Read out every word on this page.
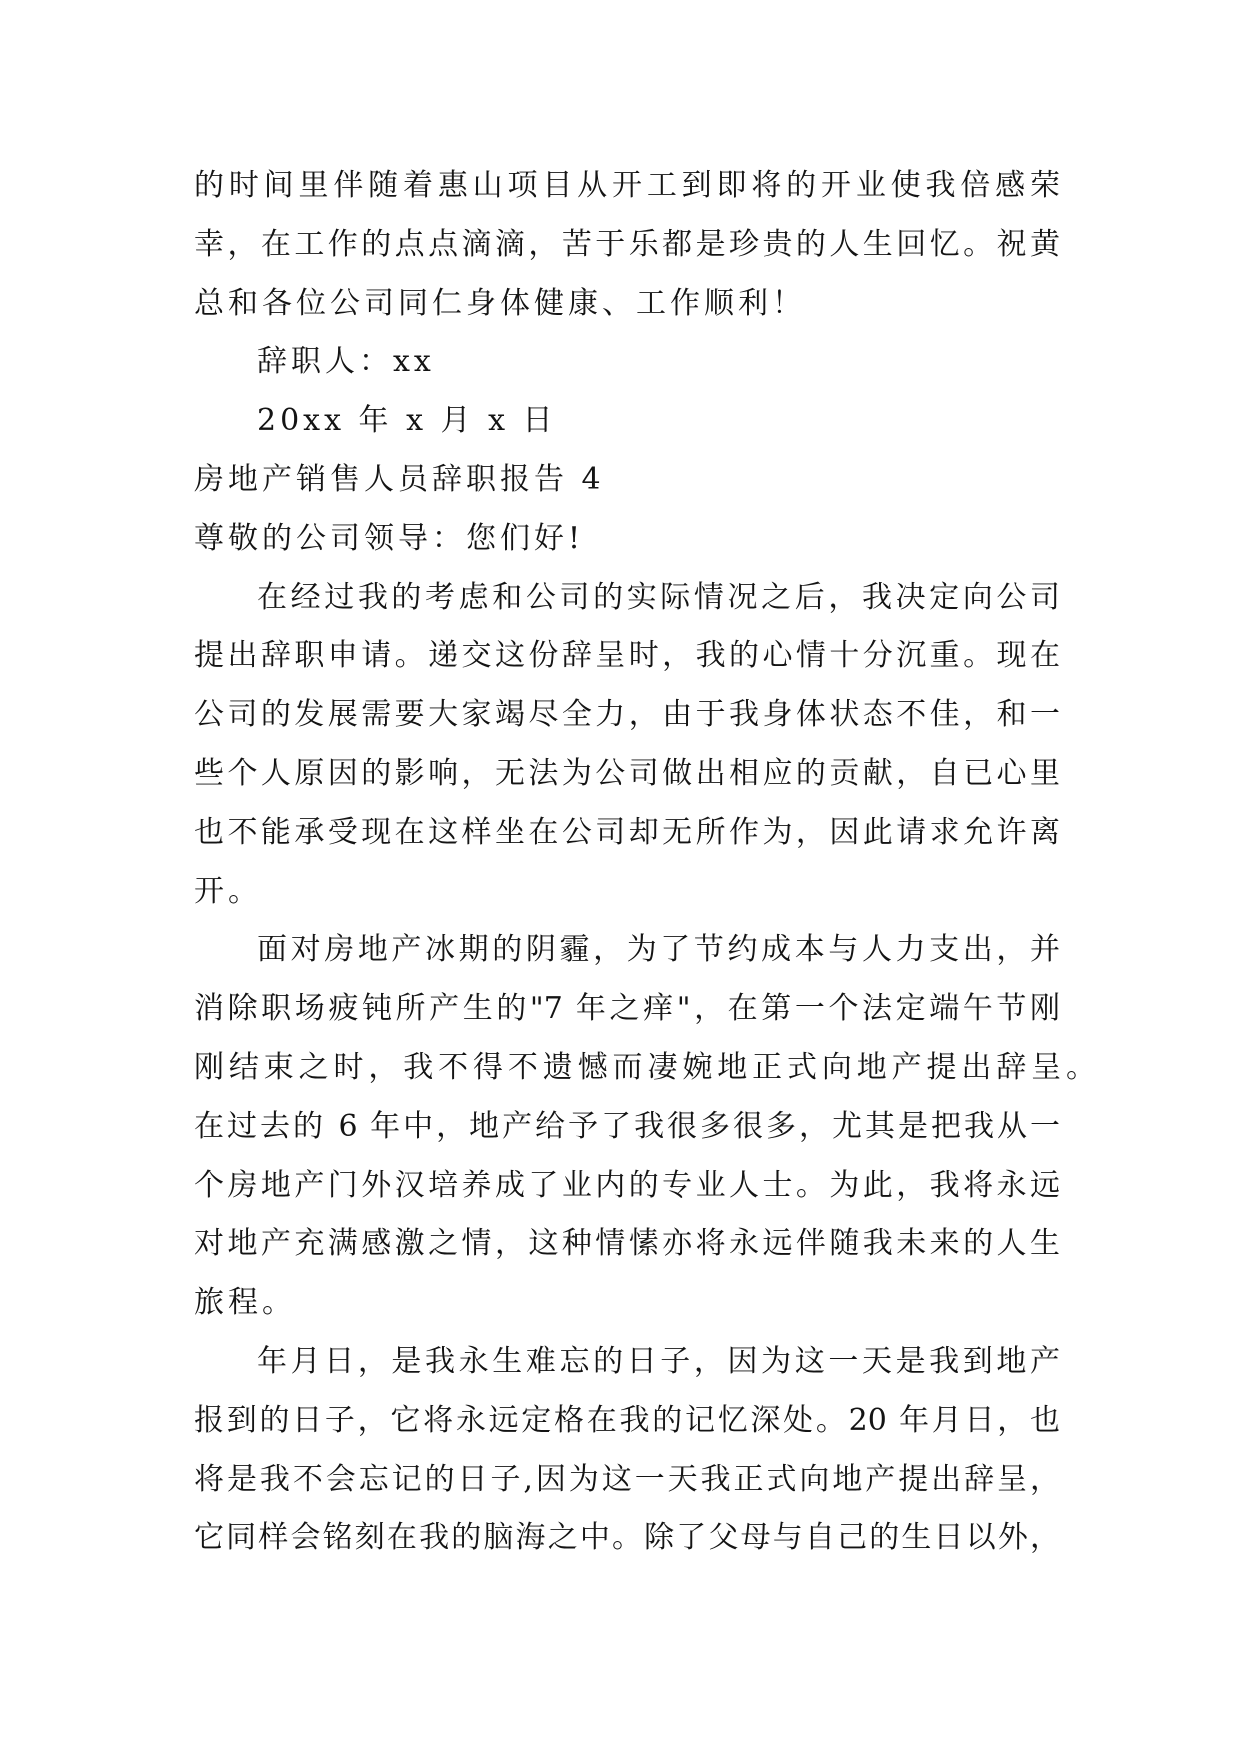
的时间里伴随着惠山项目从开工到即将的开业使我倍感荣
幸，在工作的点点滴滴，苦于乐都是珍贵的人生回忆。祝黄
总和各位公司同仁身体健康、工作顺利！
辞职人：xx
20xx 年 x 月 x 日
房地产销售人员辞职报告 4
尊敬的公司领导：您们好!
在经过我的考虑和公司的实际情况之后，我决定向公司
提出辞职申请。递交这份辞呈时，我的心情十分沉重。现在
公司的发展需要大家竭尽全力，由于我身体状态不佳，和一
些个人原因的影响，无法为公司做出相应的贡献，自已心里
也不能承受现在这样坐在公司却无所作为，因此请求允许离
开。
面对房地产冰期的阴霾，为了节约成本与人力支出，并
消除职场疲钝所产生的"7 年之痒"，在第一个法定端午节刚
刚结束之时，我不得不遗憾而凄婉地正式向地产提出辞呈。
在过去的 6 年中，地产给予了我很多很多，尤其是把我从一
个房地产门外汉培养成了业内的专业人士。为此，我将永远
对地产充满感激之情，这种情愫亦将永远伴随我未来的人生
旅程。
年月日，是我永生难忘的日子，因为这一天是我到地产
报到的日子，它将永远定格在我的记忆深处。20 年月日，也
将是我不会忘记的日子,因为这一天我正式向地产提出辞呈，
它同样会铭刻在我的脑海之中。除了父母与自己的生日以外，
